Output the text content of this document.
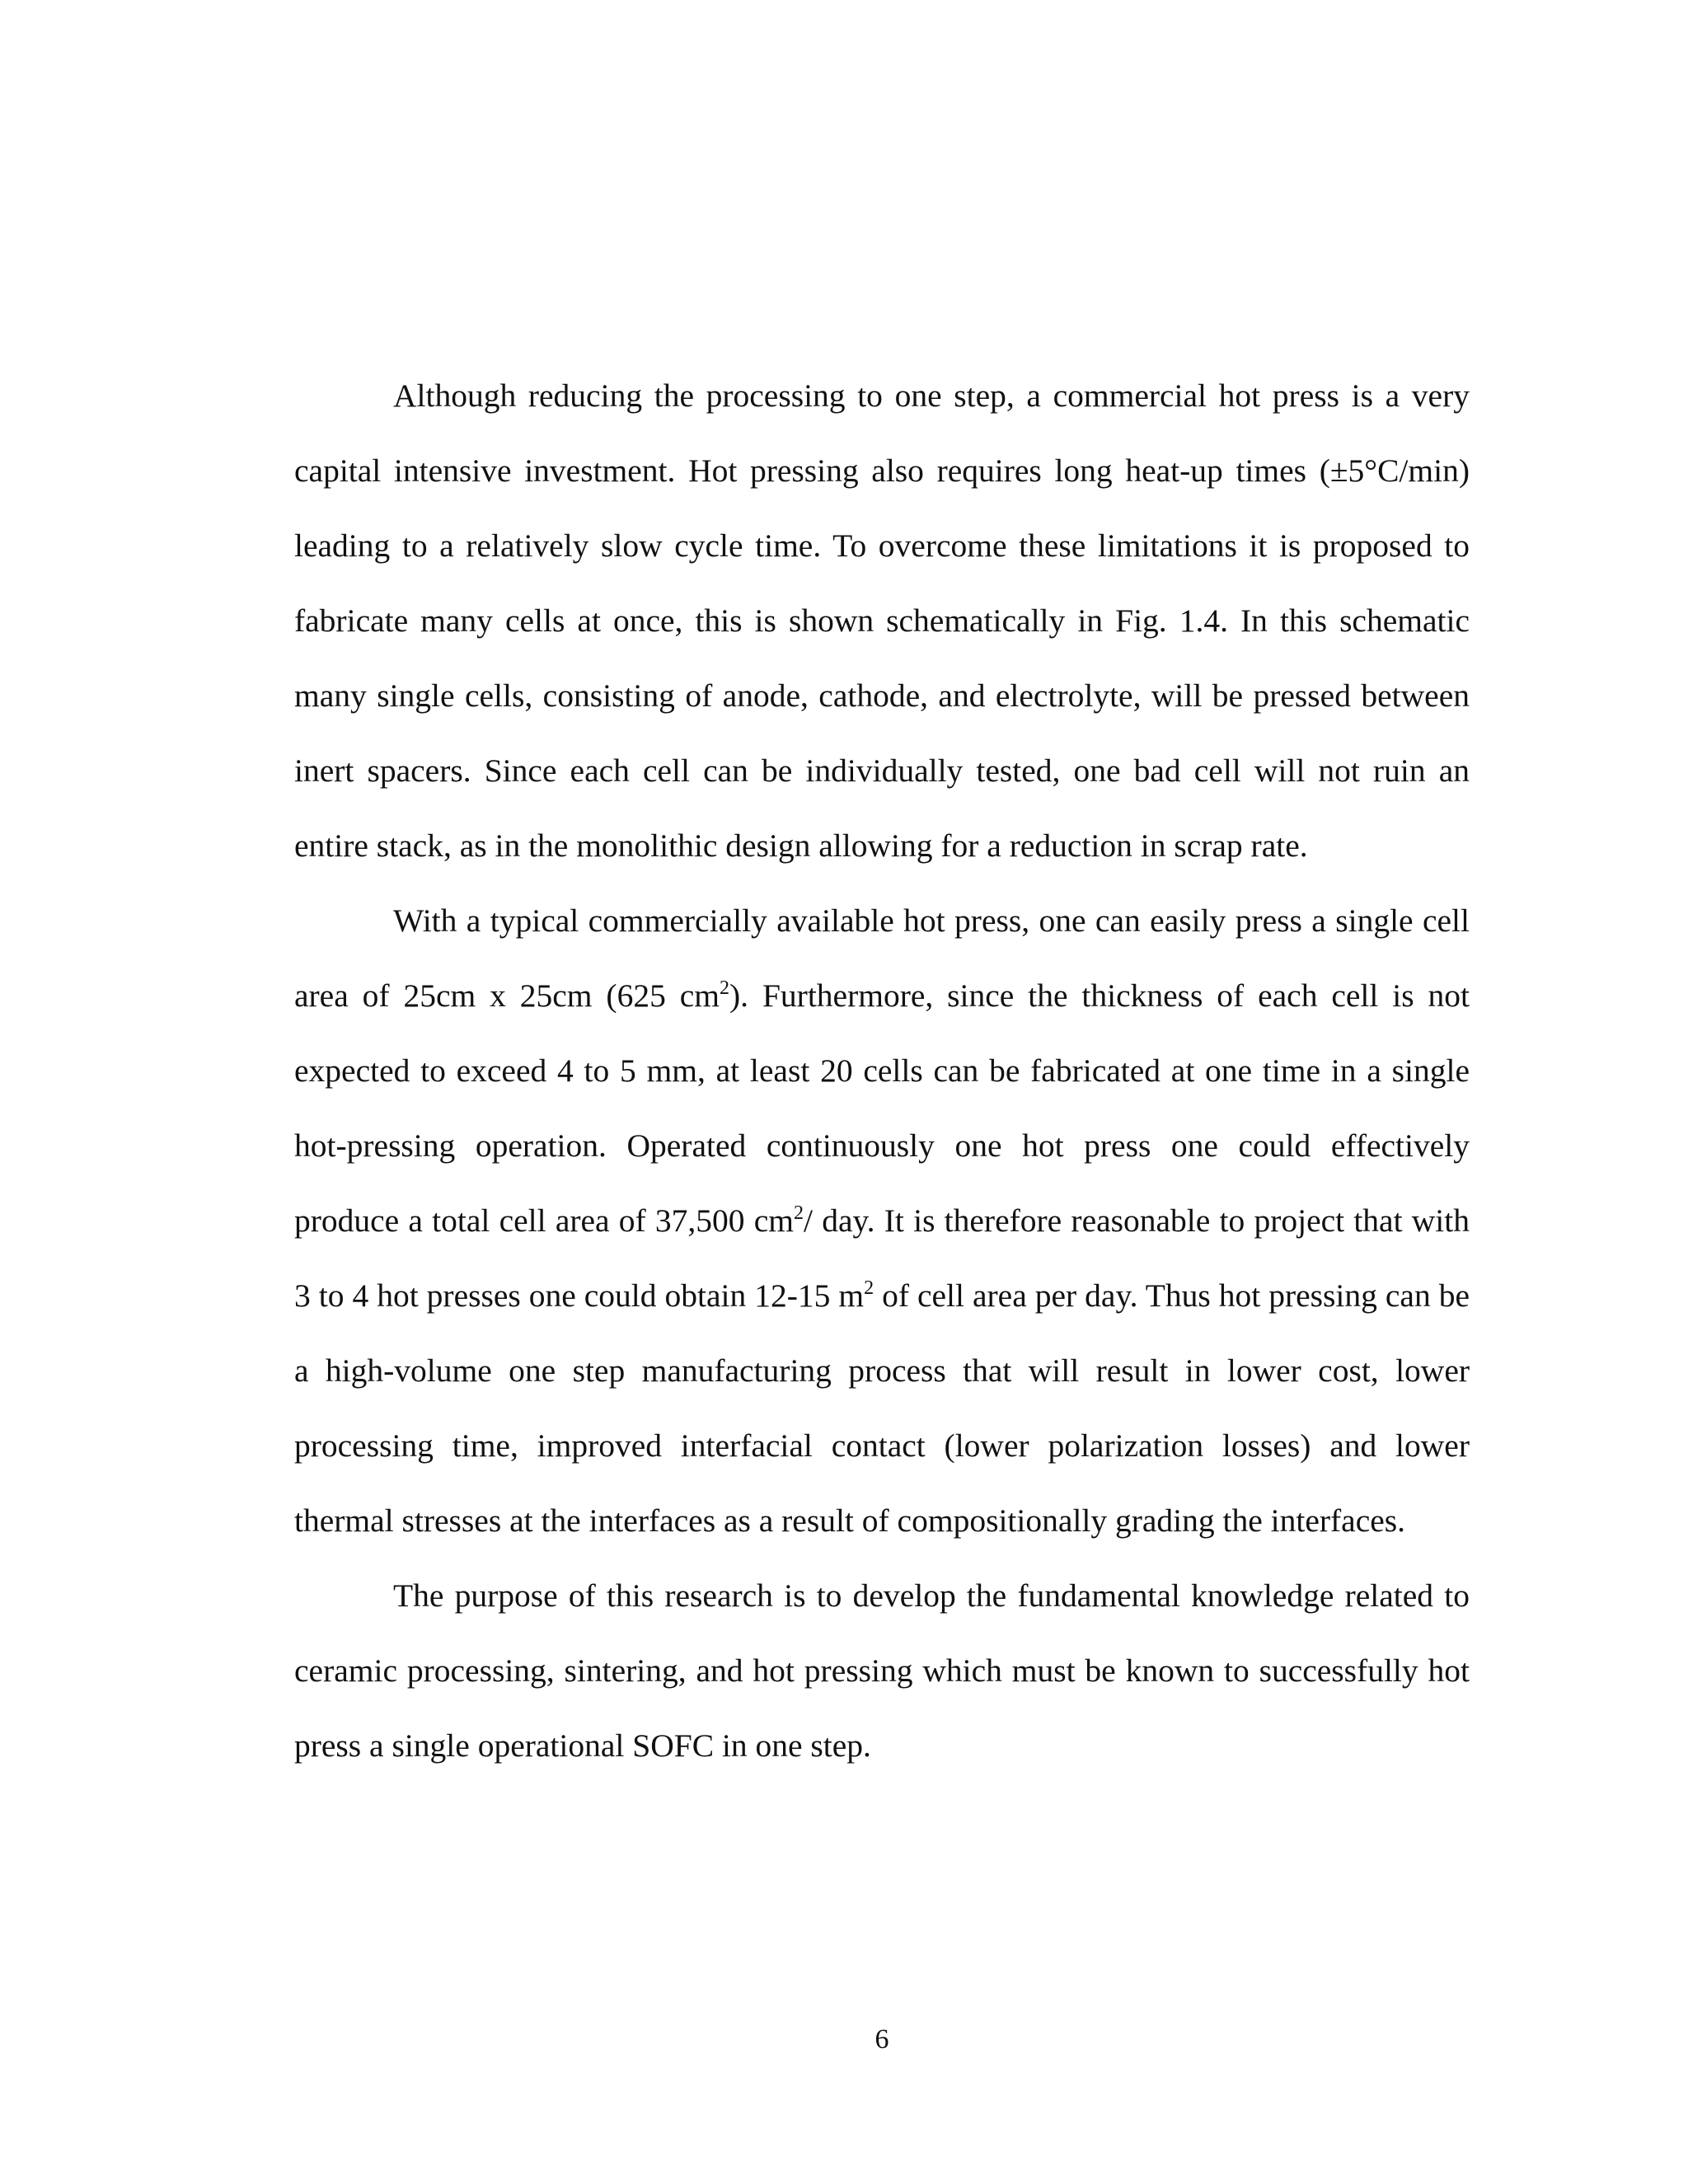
Although reducing the processing to one step, a commercial hot press is a very capital intensive investment. Hot pressing also requires long heat-up times (±5°C/min) leading to a relatively slow cycle time. To overcome these limitations it is proposed to fabricate many cells at once, this is shown schematically in Fig. 1.4. In this schematic many single cells, consisting of anode, cathode, and electrolyte, will be pressed between inert spacers. Since each cell can be individually tested, one bad cell will not ruin an entire stack, as in the monolithic design allowing for a reduction in scrap rate.

With a typical commercially available hot press, one can easily press a single cell area of 25cm x 25cm (625 $cm^2$). Furthermore, since the thickness of each cell is not expected to exceed 4 to 5 mm, at least 20 cells can be fabricated at one time in a single hot-pressing operation. Operated continuously one hot press one could effectively produce a total cell area of 37,500 $cm^2/$ day. It is therefore reasonable to project that with 3 to 4 hot presses one could obtain 12-15 $m^2$ of cell area per day. Thus hot pressing can be a high-volume one step manufacturing process that will result in lower cost, lower processing time, improved interfacial contact (lower polarization losses) and lower thermal stresses at the interfaces as a result of compositionally grading the interfaces.

The purpose of this research is to develop the fundamental knowledge related to ceramic processing, sintering, and hot pressing which must be known to successfully hot press a single operational SOFC in one step.

6
